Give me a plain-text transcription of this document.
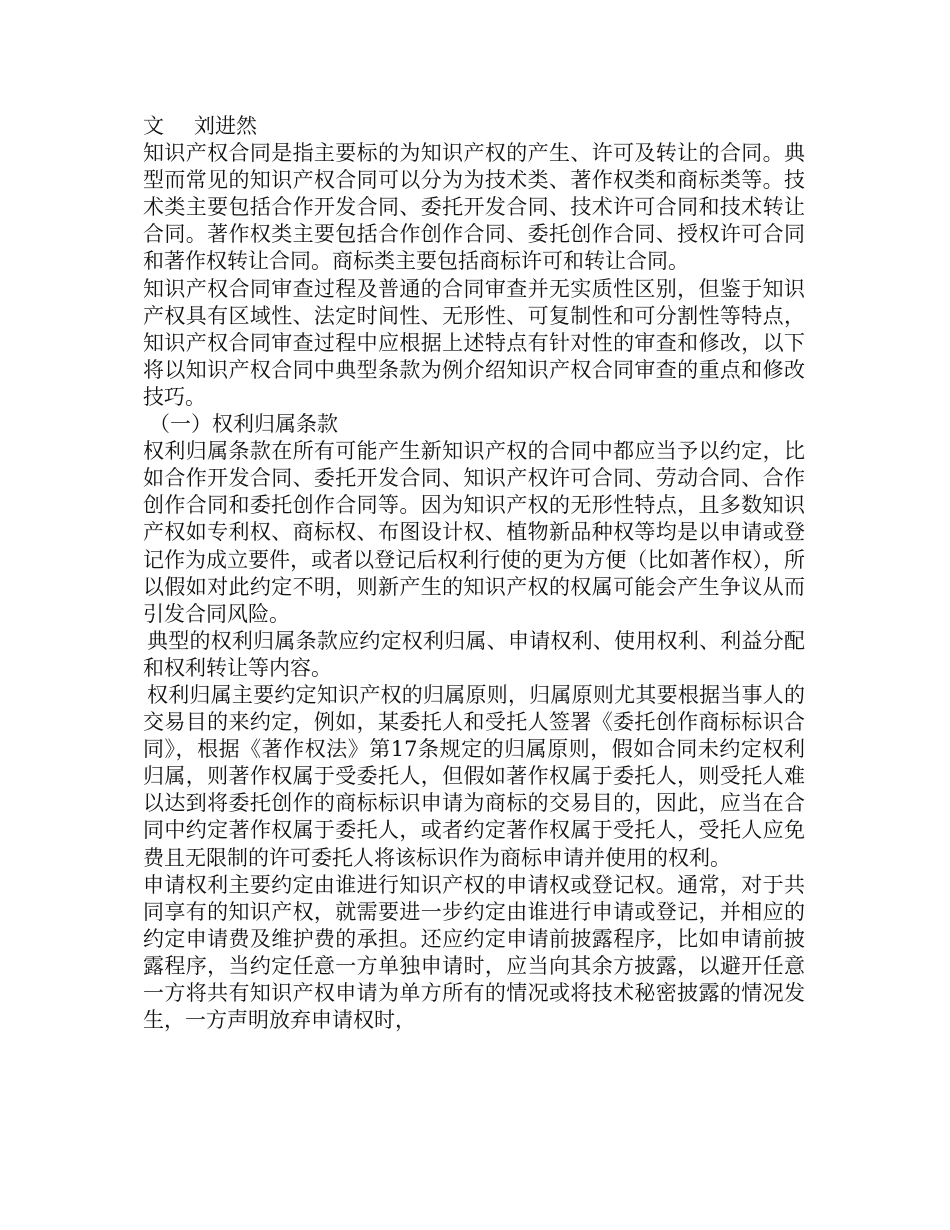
文 刘进然

知识产权合同是指主要标的为知识产权的产生、许可及转让的合同。典型而常见的知识产权合同可以分为为技术类、著作权类和商标类等。技术类主要包括合作开发合同、委托开发合同、技术许可合同和技术转让合同。著作权类主要包括合作创作合同、委托创作合同、授权许可合同和著作权转让合同。商标类主要包括商标许可和转让合同。

知识产权合同审查过程及普通的合同审查并无实质性区别，但鉴于知识产权具有区域性、法定时间性、无形性、可复制性和可分割性等特点，知识产权合同审查过程中应根据上述特点有针对性的审查和修改，以下将以知识产权合同中典型条款为例介绍知识产权合同审查的重点和修改技巧。

（一）权利归属条款

权利归属条款在所有可能产生新知识产权的合同中都应当予以约定，比如合作开发合同、委托开发合同、知识产权许可合同、劳动合同、合作创作合同和委托创作合同等。因为知识产权的无形性特点，且多数知识产权如专利权、商标权、布图设计权、植物新品种权等均是以申请或登记作为成立要件，或者以登记后权利行使的更为方便（比如著作权），所以假如对此约定不明，则新产生的知识产权的权属可能会产生争议从而引发合同风险。

典型的权利归属条款应约定权利归属、申请权利、使用权利、利益分配和权利转让等内容。

权利归属主要约定知识产权的归属原则，归属原则尤其要根据当事人的交易目的来约定，例如，某委托人和受托人签署《委托创作商标标识合同》，根据《著作权法》第17条规定的归属原则，假如合同未约定权利归属，则著作权属于受委托人，但假如著作权属于委托人，则受托人难以达到将委托创作的商标标识申请为商标的交易目的，因此，应当在合同中约定著作权属于委托人，或者约定著作权属于受托人，受托人应免费且无限制的许可委托人将该标识作为商标申请并使用的权利。

申请权利主要约定由谁进行知识产权的申请权或登记权。通常，对于共同享有的知识产权，就需要进一步约定由谁进行申请或登记，并相应的约定申请费及维护费的承担。还应约定申请前披露程序，比如申请前披露程序，当约定任意一方单独申请时，应当向其余方披露，以避开任意一方将共有知识产权申请为单方所有的情况或将技术秘密披露的情况发生，一方声明放弃申请权时，
